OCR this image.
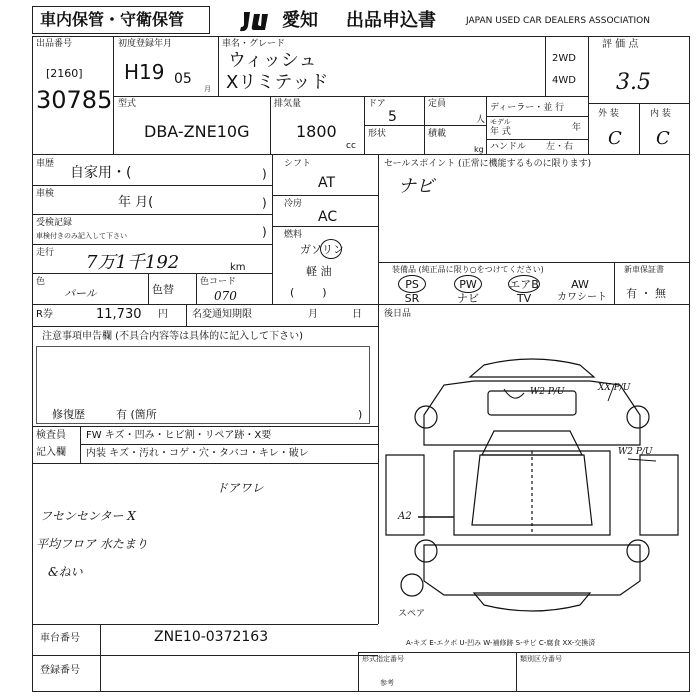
車内保管・守衛保管	愛知 出品申込書	JAPAN USED CAR DEALERS ASSOCIATION
出品番号
[2160]
30785
初度登録年月
H19 05
月
車名・グレード
ウィッシュ
Xリミテッド
2WD
4WD
評 価 点
3.5
外 装	内 装
C C
型式
DBA-ZNE10G
排気量
1800
cc
ドア
5
形状
定員
人
積載
kg
ディーラー・並 行
モデル
年 式	年
ハンドル 左・右
車歴
自家用・(	)
車検
年 月(	)
受検記録
車検付きのみ記入して下さい	)
走行 7万1千192	km
色
パール	色替
色コード
070
シフト
AT
冷房
AC
燃料
ガソリン
軽 油
(        )
セールスポイント (正常に機能するものに限ります)
ナビ
装備品 (純正品に限り○をつけてください)	新車保証書
有 ・ 無
PS	PW	エアB	AW
SR	ナビ	TV	カワシート
R券	11,730 円 名変通知期限	月	日 後日品
注意事項申告欄 (不具合内容等は具体的に記入して下さい)
修復歴	有 (箇所	)
検査員
記入欄
FW キズ・凹み・ヒビ割・リペア跡・X要
内装 キズ・汚れ・コゲ・穴・タバコ・キレ・破レ
ドアワレ
フセンセンター X
平均フロア 水たまり
&ねい
W2 P/U	XX P/U
W2 P/U
A2
スペア
A-キズ E-エクボ U-凹み W-補修跡 S-サビ C-腐食 XX-交換済
車台番号	ZNE10-0372163
登録番号
形式指定番号	類別区分番号
参考
